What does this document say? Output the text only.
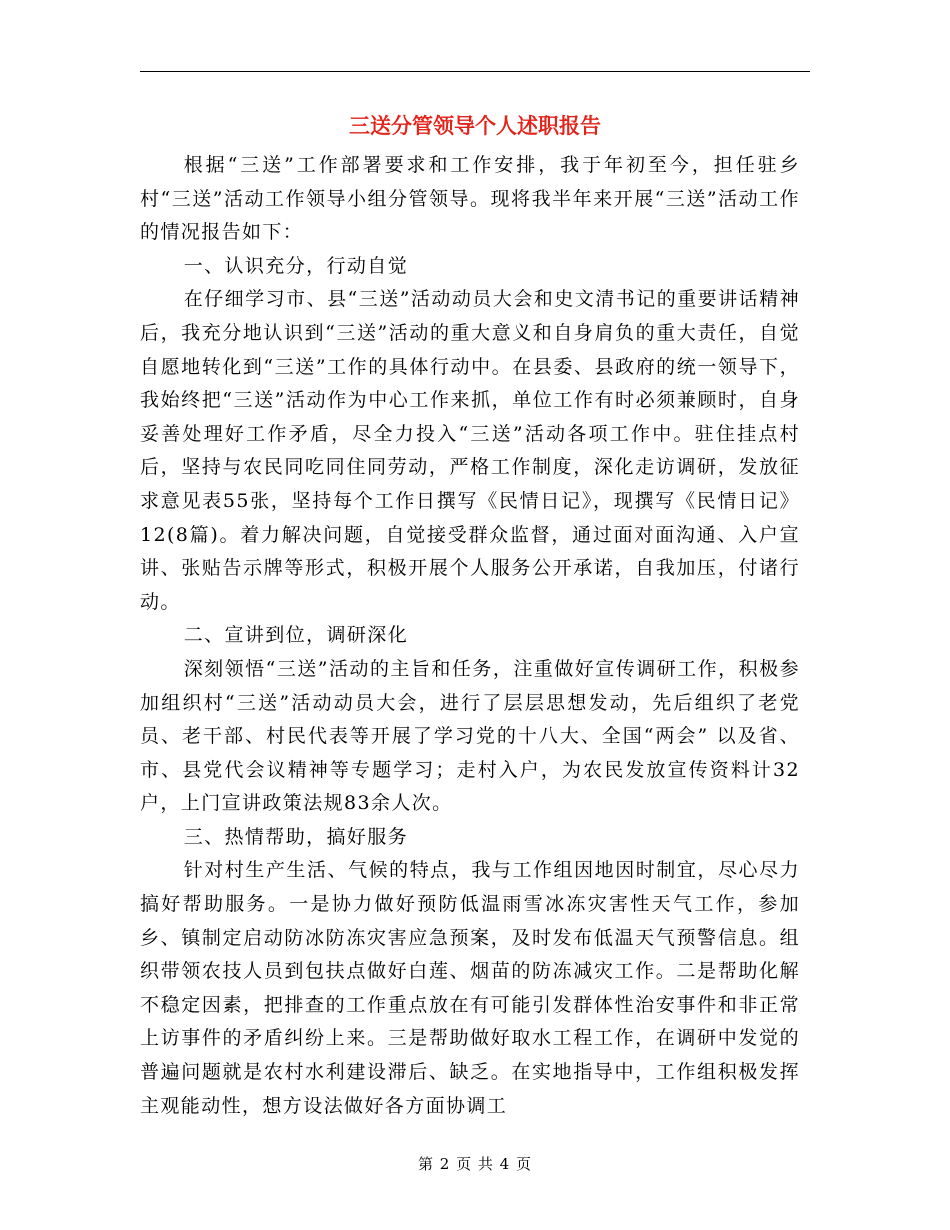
三送分管领导个人述职报告

根据“三送”工作部署要求和工作安排，我于年初至今，担任驻乡村“三送”活动工作领导小组分管领导。现将我半年来开展“三送”活动工作的情况报告如下：

一、认识充分，行动自觉

在仔细学习市、县“三送”活动动员大会和史文清书记的重要讲话精神后，我充分地认识到“三送”活动的重大意义和自身肩负的重大责任，自觉自愿地转化到“三送”工作的具体行动中。在县委、县政府的统一领导下，我始终把“三送”活动作为中心工作来抓，单位工作有时必须兼顾时，自身妥善处理好工作矛盾，尽全力投入“三送”活动各项工作中。驻住挂点村后，坚持与农民同吃同住同劳动，严格工作制度，深化走访调研，发放征求意见表55张，坚持每个工作日撰写《民情日记》，现撰写《民情日记》12(8篇)。着力解决问题，自觉接受群众监督，通过面对面沟通、入户宣讲、张贴告示牌等形式，积极开展个人服务公开承诺，自我加压，付诸行动。

二、宣讲到位，调研深化

深刻领悟“三送”活动的主旨和任务，注重做好宣传调研工作，积极参加组织村“三送”活动动员大会，进行了层层思想发动，先后组织了老党员、老干部、村民代表等开展了学习党的十八大、全国“两会” 以及省、市、县党代会议精神等专题学习；走村入户，为农民发放宣传资料计32户，上门宣讲政策法规83余人次。

三、热情帮助，搞好服务

针对村生产生活、气候的特点，我与工作组因地因时制宜，尽心尽力搞好帮助服务。一是协力做好预防低温雨雪冰冻灾害性天气工作，参加乡、镇制定启动防冰防冻灾害应急预案，及时发布低温天气预警信息。组织带领农技人员到包扶点做好白莲、烟苗的防冻减灾工作。二是帮助化解不稳定因素，把排查的工作重点放在有可能引发群体性治安事件和非正常上访事件的矛盾纠纷上来。三是帮助做好取水工程工作，在调研中发觉的普遍问题就是农村水利建设滞后、缺乏。在实地指导中，工作组积极发挥主观能动性，想方设法做好各方面协调工

第 2 页 共 4 页
